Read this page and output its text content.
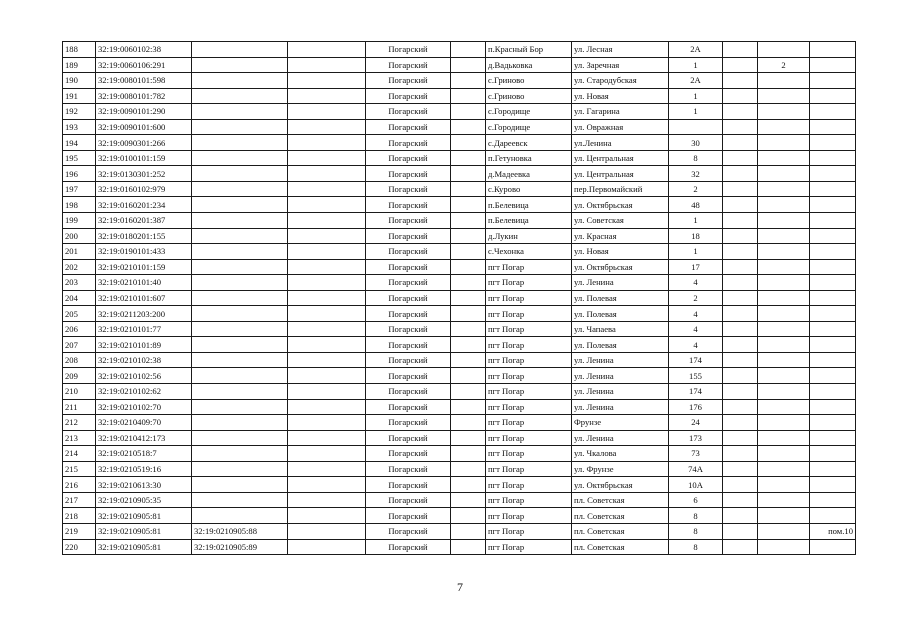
188	32:19:0060102:38			Погарский		п.Красный Бор	ул. Лесная	2А			
189	32:19:0060106:291			Погарский		д.Вадьковка	ул. Заречная	1		2	
190	32:19:0080101:598			Погарский		с.Гриново	ул. Стародубская	2А			
191	32:19:0080101:782			Погарский		с.Гриново	ул. Новая	1			
192	32:19:0090101:290			Погарский		с.Городище	ул. Гагарина	1			
193	32:19:0090101:600			Погарский		с.Городище	ул. Овражная				
194	32:19:0090301:266			Погарский		с.Дареевск	ул.Ленина	30			
195	32:19:0100101:159			Погарский		п.Гетуновка	ул. Центральная	8			
196	32:19:0130301:252			Погарский		д.Мадеевка	ул. Центральная	32			
197	32:19:0160102:979			Погарский		с.Курово	пер.Первомайский	2			
198	32:19:0160201:234			Погарский		п.Белевица	ул. Октябрьская	48			
199	32:19:0160201:387			Погарский		п.Белевица	ул. Советская	1			
200	32:19:0180201:155			Погарский		д.Лукин	ул. Красная	18			
201	32:19:0190101:433			Погарский		с.Чехонка	ул. Новая	1			
202	32:19:0210101:159			Погарский		пгт Погар	ул. Октябрьская	17			
203	32:19:0210101:40			Погарский		пгт Погар	ул. Ленина	4			
204	32:19:0210101:607			Погарский		пгт Погар	ул. Полевая	2			
205	32:19:0211203:200			Погарский		пгт Погар	ул. Полевая	4			
206	32:19:0210101:77			Погарский		пгт Погар	ул. Чапаева	4			
207	32:19:0210101:89			Погарский		пгт Погар	ул. Полевая	4			
208	32:19:0210102:38			Погарский		пгт Погар	ул. Ленина	174			
209	32:19:0210102:56			Погарский		пгт Погар	ул. Ленина	155			
210	32:19:0210102:62			Погарский		пгт Погар	ул. Ленина	174			
211	32:19:0210102:70			Погарский		пгт Погар	ул. Ленина	176			
212	32:19:0210409:70			Погарский		пгт Погар	Фрунзе	24			
213	32:19:0210412:173			Погарский		пгт Погар	ул. Ленина	173			
214	32:19:0210518:7			Погарский		пгт Погар	ул. Чкалова	73			
215	32:19:0210519:16			Погарский		пгт Погар	ул. Фрунзе	74А			
216	32:19:0210613:30			Погарский		пгт Погар	ул. Октябрьская	10А			
217	32:19:0210905:35			Погарский		пгт Погар	пл. Советская	6			
218	32:19:0210905:81			Погарский		пгт Погар	пл. Советская	8			
219	32:19:0210905:81	32:19:0210905:88		Погарский		пгт Погар	пл. Советская	8			пом.10
220	32:19:0210905:81	32:19:0210905:89		Погарский		пгт Погар	пл. Советская	8			
7
